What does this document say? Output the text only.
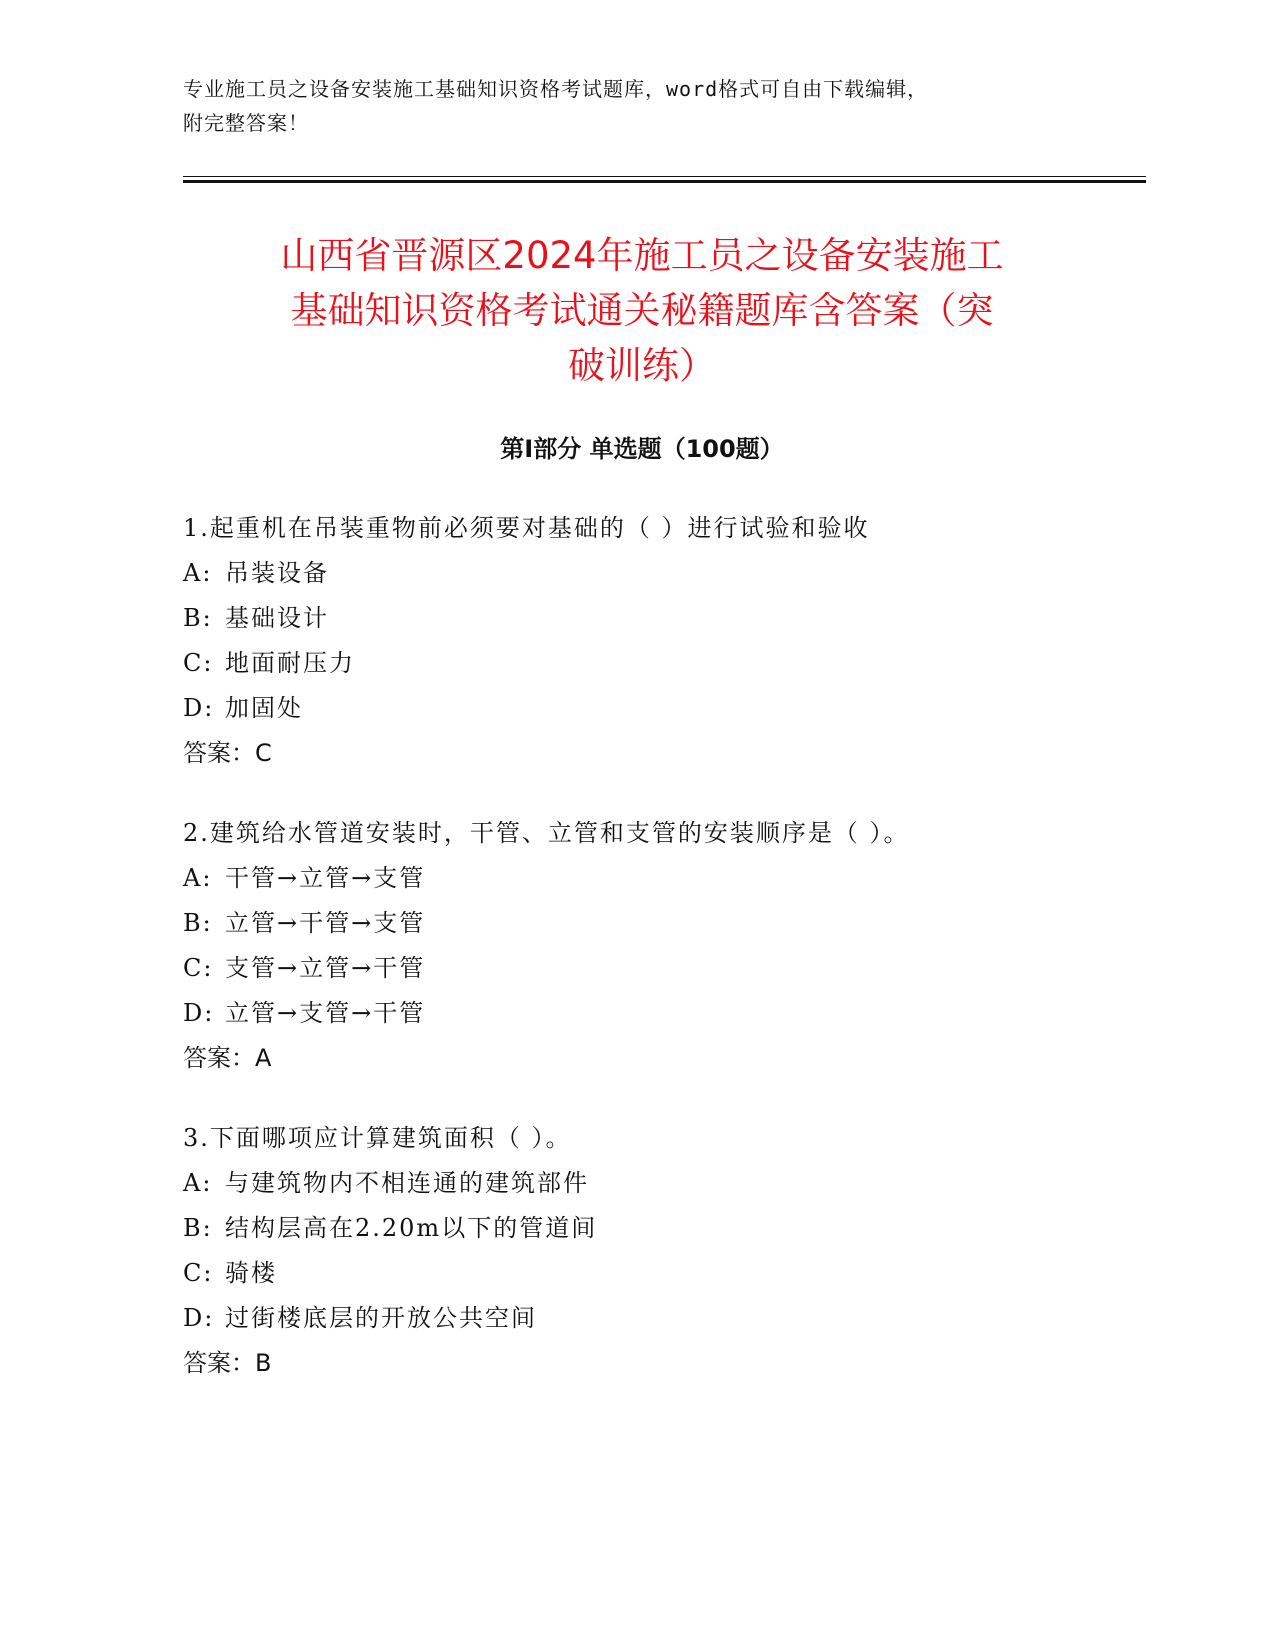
专业施工员之设备安装施工基础知识资格考试题库，word格式可自由下载编辑，
附完整答案！
山西省晋源区2024年施工员之设备安装施工
基础知识资格考试通关秘籍题库含答案（突
破训练）
第Ⅰ部分 单选题（100题）
1.起重机在吊装重物前必须要对基础的（ ）进行试验和验收
A: 吊装设备
B: 基础设计
C: 地面耐压力
D: 加固处
答案：C
2.建筑给水管道安装时，干管、立管和支管的安装顺序是（ ）。
A: 干管→立管→支管
B: 立管→干管→支管
C: 支管→立管→干管
D: 立管→支管→干管
答案：A
3.下面哪项应计算建筑面积（ ）。
A: 与建筑物内不相连通的建筑部件
B: 结构层高在2.20m以下的管道间
C: 骑楼
D: 过街楼底层的开放公共空间
答案：B
